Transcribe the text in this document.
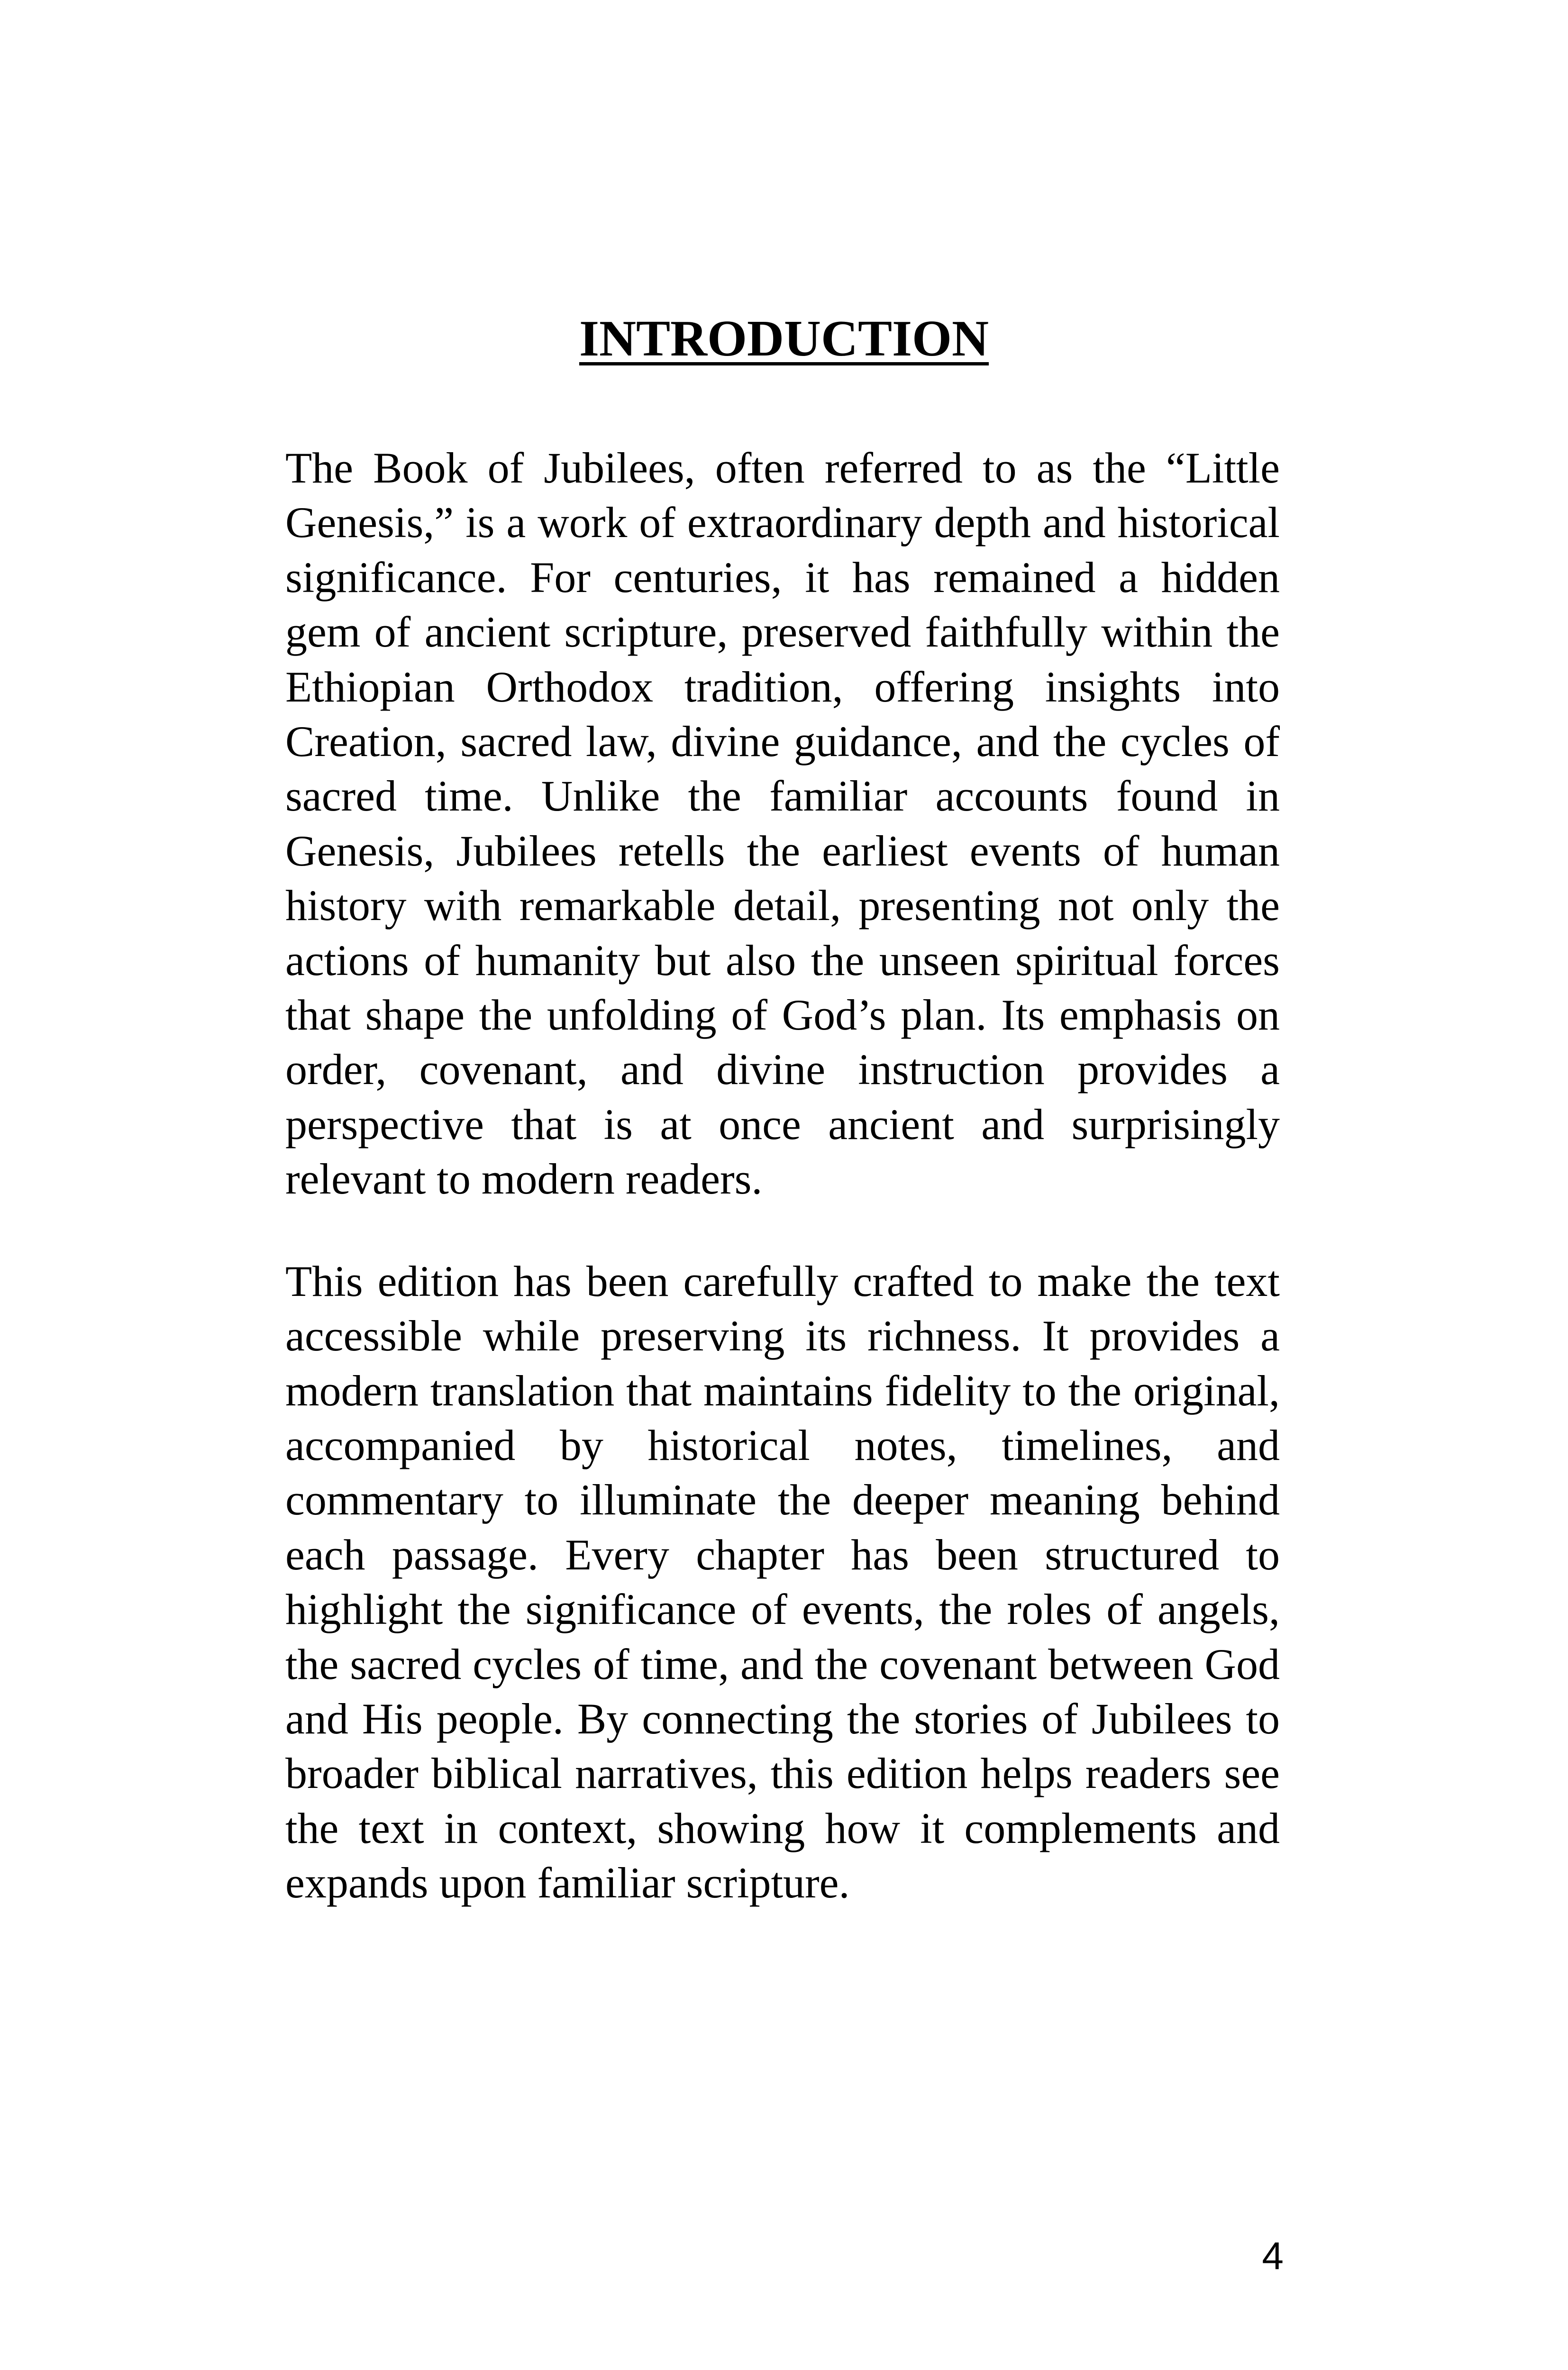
INTRODUCTION

The Book of Jubilees, often referred to as the “Little Genesis,” is a work of extraordinary depth and historical significance. For centuries, it has remained a hidden gem of ancient scripture, preserved faithfully within the Ethiopian Orthodox tradition, offering insights into Creation, sacred law, divine guidance, and the cycles of sacred time. Unlike the familiar accounts found in Genesis, Jubilees retells the earliest events of human history with remarkable detail, presenting not only the actions of humanity but also the unseen spiritual forces that shape the unfolding of God’s plan. Its emphasis on order, covenant, and divine instruction provides a perspective that is at once ancient and surprisingly relevant to modern readers.

This edition has been carefully crafted to make the text accessible while preserving its richness. It provides a modern translation that maintains fidelity to the original, accompanied by historical notes, timelines, and commentary to illuminate the deeper meaning behind each passage. Every chapter has been structured to highlight the significance of events, the roles of angels, the sacred cycles of time, and the covenant between God and His people. By connecting the stories of Jubilees to broader biblical narratives, this edition helps readers see the text in context, showing how it complements and expands upon familiar scripture.

4
